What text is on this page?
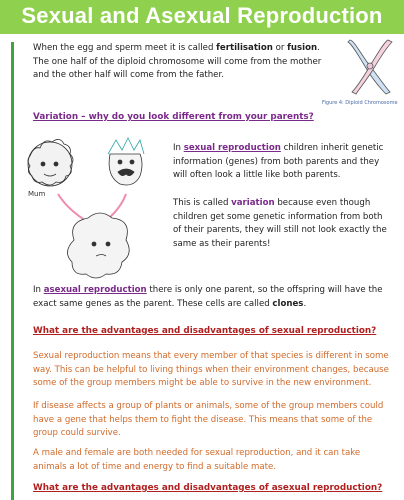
Sexual and Asexual Reproduction
When the egg and sperm meet it is called fertilisation or fusion. The one half of the diploid chromosome will come from the mother and the other half will come from the father.
Figure 4: Diploid Chromosome
Variation – why do you look different from your parents?
Mum
In sexual reproduction children inherit genetic information (genes) from both parents and they will often look a little like both parents.
This is called variation because even though children get some genetic information from both of their parents, they will still not look exactly the same as their parents!
In asexual reproduction there is only one parent, so the offspring will have the exact same genes as the parent. These cells are called clones.
What are the advantages and disadvantages of sexual reproduction?
Sexual reproduction means that every member of that species is different in some way. This can be helpful to living things when their environment changes, because some of the group members might be able to survive in the new environment.
If disease affects a group of plants or animals, some of the group members could have a gene that helps them to fight the disease. This means that some of the group could survive.
A male and female are both needed for sexual reproduction, and it can take animals a lot of time and energy to find a suitable mate.
What are the advantages and disadvantages of asexual reproduction?
